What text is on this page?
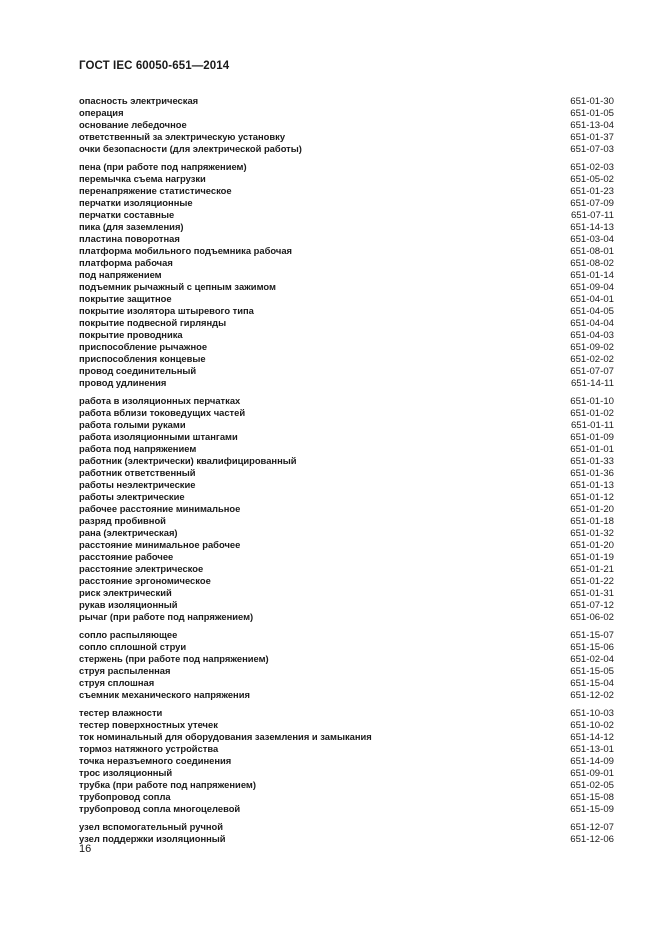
ГОСТ IEC 60050-651—2014
опасность электрическая	651-01-30
операция	651-01-05
основание лебедочное	651-13-04
ответственный за электрическую установку	651-01-37
очки безопасности (для электрической работы)	651-07-03
пена (при работе под напряжением)	651-02-03
перемычка съема нагрузки	651-05-02
перенапряжение статистическое	651-01-23
перчатки изоляционные	651-07-09
перчатки составные	651-07-11
пика (для заземления)	651-14-13
пластина поворотная	651-03-04
платформа мобильного подъемника рабочая	651-08-01
платформа рабочая	651-08-02
под напряжением	651-01-14
подъемник рычажный с цепным зажимом	651-09-04
покрытие защитное	651-04-01
покрытие изолятора штыревого типа	651-04-05
покрытие подвесной гирлянды	651-04-04
покрытие проводника	651-04-03
приспособление рычажное	651-09-02
приспособления концевые	651-02-02
провод соединительный	651-07-07
провод удлинения	651-14-11
работа в изоляционных перчатках	651-01-10
работа вблизи токоведущих частей	651-01-02
работа голыми руками	651-01-11
работа изоляционными штангами	651-01-09
работа под напряжением	651-01-01
работник (электрически) квалифицированный	651-01-33
работник ответственный	651-01-36
работы неэлектрические	651-01-13
работы электрические	651-01-12
рабочее расстояние минимальное	651-01-20
разряд пробивной	651-01-18
рана (электрическая)	651-01-32
расстояние минимальное рабочее	651-01-20
расстояние рабочее	651-01-19
расстояние электрическое	651-01-21
расстояние эргономическое	651-01-22
риск электрический	651-01-31
рукав изоляционный	651-07-12
рычаг (при работе под напряжением)	651-06-02
сопло распыляющее	651-15-07
сопло сплошной струи	651-15-06
стержень (при работе под напряжением)	651-02-04
струя распыленная	651-15-05
струя сплошная	651-15-04
съемник механического напряжения	651-12-02
тестер влажности	651-10-03
тестер поверхностных утечек	651-10-02
ток номинальный для оборудования заземления и замыкания	651-14-12
тормоз натяжного устройства	651-13-01
точка неразъемного соединения	651-14-09
трос изоляционный	651-09-01
трубка (при работе под напряжением)	651-02-05
трубопровод сопла	651-15-08
трубопровод сопла многоцелевой	651-15-09
узел вспомогательный ручной	651-12-07
узел поддержки изоляционный	651-12-06
16
